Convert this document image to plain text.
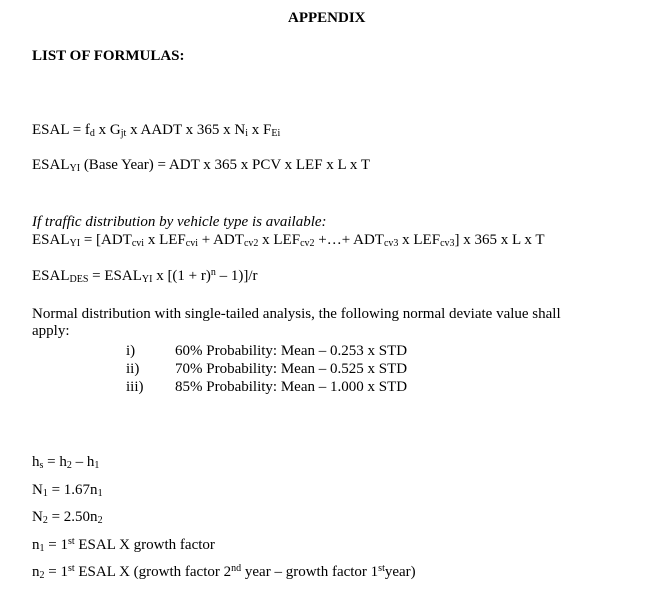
APPENDIX
LIST OF FORMULAS:
ESAL = $f_d$ x $G_{jt}$ x AADT x 365 x $N_i$ x $F_{Ei}$
$ESAL_{YI}$ (Base Year) = ADT x 365 x PCV x LEF x L x T
If traffic distribution by vehicle type is available:
$ESAL_{YI} = [ADT_{cvi}$ x $LEF_{cvi} + ADT_{cv2}$ x $LEF_{cv2}$ +…+ $ADT_{cv3}$ x $LEF_{cv3}$] x 365 x L x T
$ESAL_{DES}$ = $ESAL_{YI}$ x $[(1 + r)^n - 1)]/r$
Normal distribution with single-tailed analysis, the following normal deviate value shall
apply:
i)	60% Probability: Mean – 0.253 x STD
ii) 70% Probability: Mean – 0.525 x STD
iii) 85% Probability: Mean – 1.000 x STD
$h_s = h_2 - h_1$
$N_1 = 1.67n_1$
$N_2 = 2.50n_2$
$n_1 = 1st$ ESAL X growth factor
$n_2 = 1st$ ESAL X (growth factor 2nd year – growth factor 1styear)
